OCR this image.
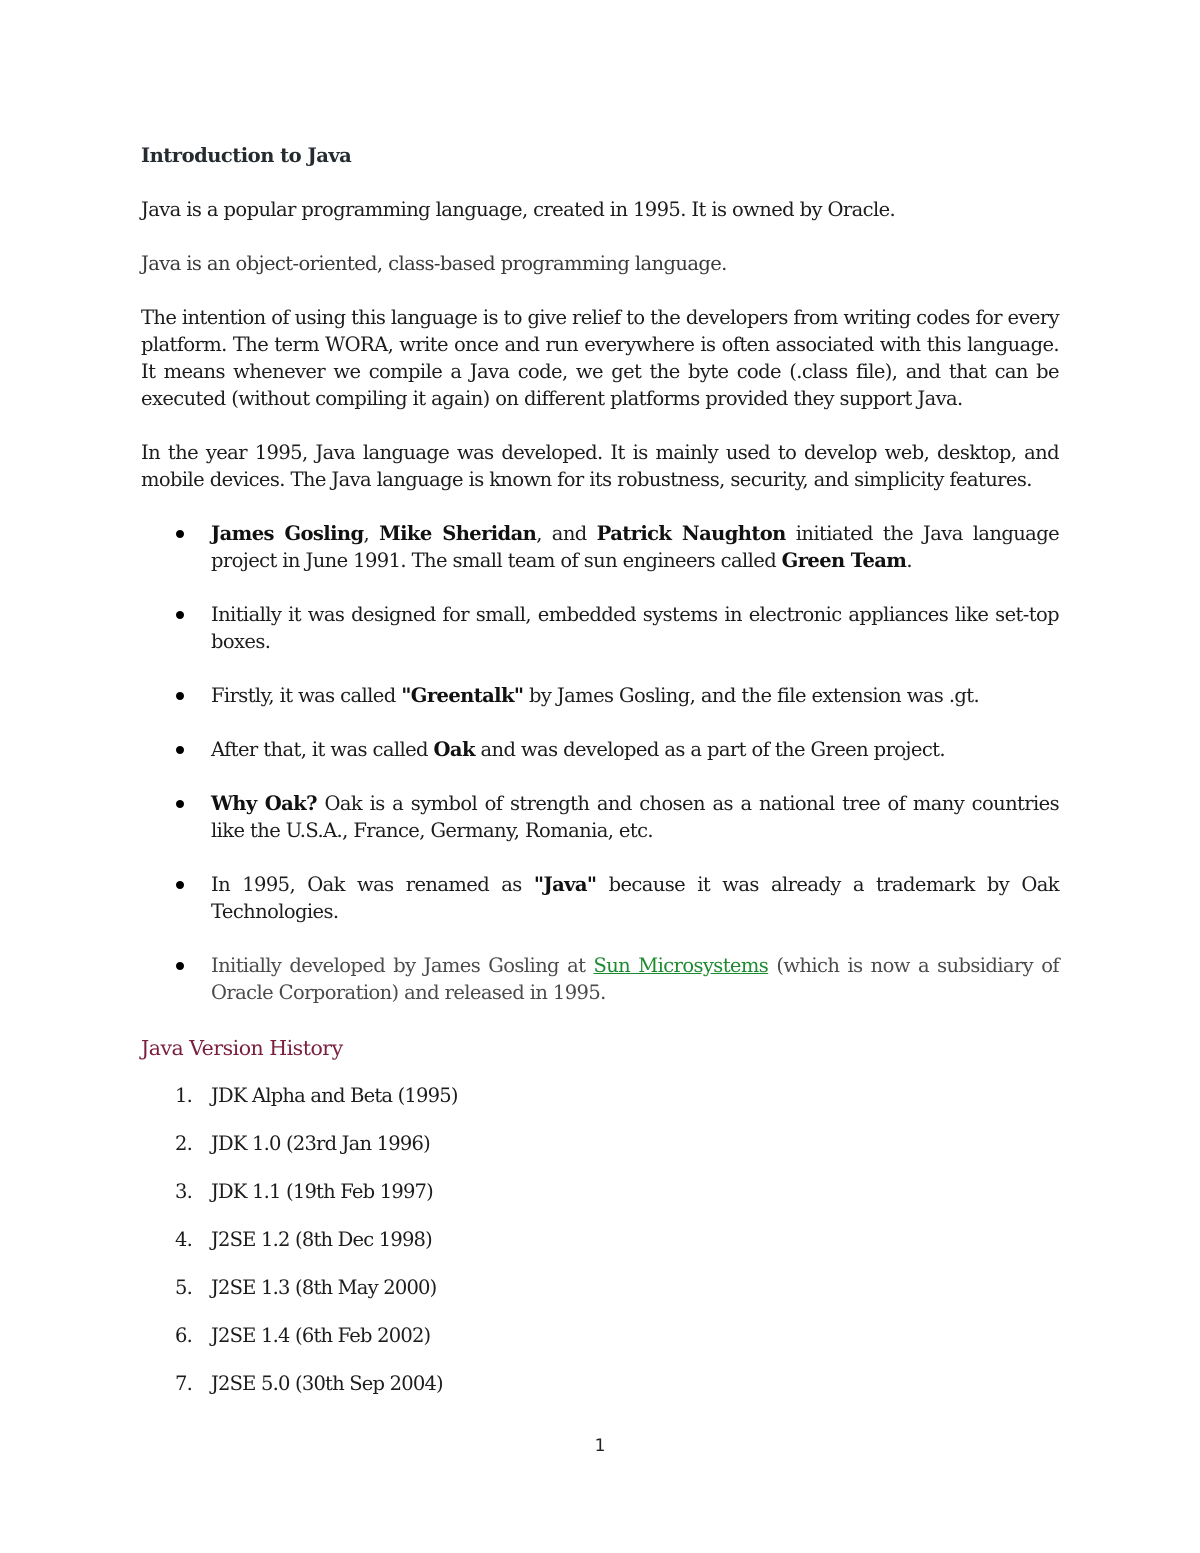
Introduction to Java

Java is a popular programming language, created in 1995. It is owned by Oracle.

Java is an object-oriented, class-based programming language.

The intention of using this language is to give relief to the developers from writing codes for every platform. The term WORA, write once and run everywhere is often associated with this language. It means whenever we compile a Java code, we get the byte code (.class file), and that can be executed (without compiling it again) on different platforms provided they support Java.

In the year 1995, Java language was developed. It is mainly used to develop web, desktop, and mobile devices. The Java language is known for its robustness, security, and simplicity features.

James Gosling, Mike Sheridan, and Patrick Naughton initiated the Java language project in June 1991. The small team of sun engineers called Green Team.
Initially it was designed for small, embedded systems in electronic appliances like set-top boxes.
Firstly, it was called "Greentalk" by James Gosling, and the file extension was .gt.
After that, it was called Oak and was developed as a part of the Green project.
Why Oak? Oak is a symbol of strength and chosen as a national tree of many countries like the U.S.A., France, Germany, Romania, etc.
In 1995, Oak was renamed as "Java" because it was already a trademark by Oak Technologies.
Initially developed by James Gosling at Sun Microsystems (which is now a subsidiary of Oracle Corporation) and released in 1995.
Java Version History
1. JDK Alpha and Beta (1995)
2. JDK 1.0 (23rd Jan 1996)
3. JDK 1.1 (19th Feb 1997)
4. J2SE 1.2 (8th Dec 1998)
5. J2SE 1.3 (8th May 2000)
6. J2SE 1.4 (6th Feb 2002)
7. J2SE 5.0 (30th Sep 2004)
1
